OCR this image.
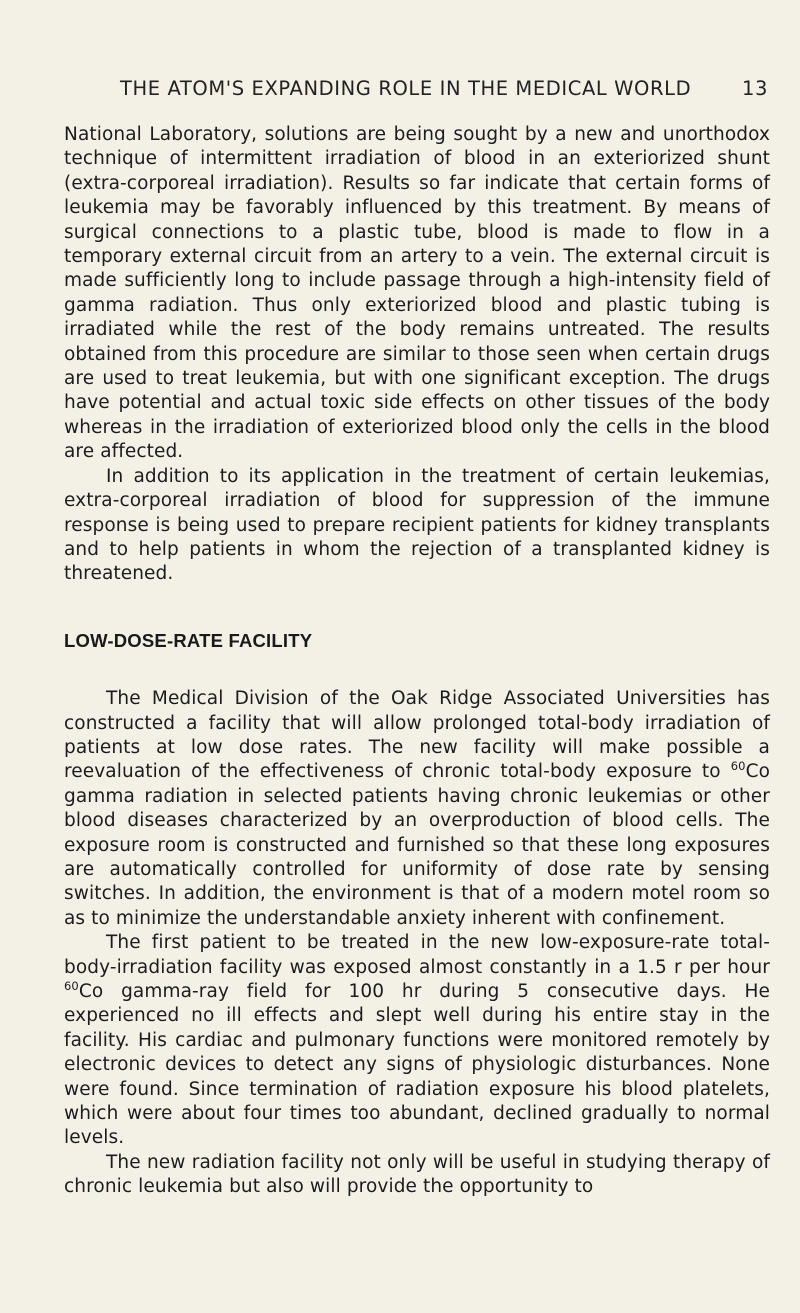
THE ATOM'S EXPANDING ROLE IN THE MEDICAL WORLD	13

National Laboratory, solutions are being sought by a new and unorthodox technique of intermittent irradiation of blood in an exteriorized shunt (extra-corporeal irradiation). Results so far indicate that certain forms of leukemia may be favorably influenced by this treatment. By means of surgical connections to a plastic tube, blood is made to flow in a temporary external circuit from an artery to a vein. The external circuit is made sufficiently long to include passage through a high-intensity field of gamma radiation. Thus only exteriorized blood and plastic tubing is irradiated while the rest of the body remains untreated. The results obtained from this procedure are similar to those seen when certain drugs are used to treat leukemia, but with one significant exception. The drugs have potential and actual toxic side effects on other tissues of the body whereas in the irradiation of exteriorized blood only the cells in the blood are affected.

In addition to its application in the treatment of certain leukemias, extra-corporeal irradiation of blood for suppression of the immune response is being used to prepare recipient patients for kidney transplants and to help patients in whom the rejection of a transplanted kidney is threatened.

LOW-DOSE-RATE FACILITY

The Medical Division of the Oak Ridge Associated Universities has constructed a facility that will allow prolonged total-body irradiation of patients at low dose rates. The new facility will make possible a reevaluation of the effectiveness of chronic total-body exposure to $^{60}$Co gamma radiation in selected patients having chronic leukemias or other blood diseases characterized by an overproduction of blood cells. The exposure room is constructed and furnished so that these long exposures are automatically controlled for uniformity of dose rate by sensing switches. In addition, the environment is that of a modern motel room so as to minimize the understandable anxiety inherent with confinement.

The first patient to be treated in the new low-exposure-rate total-body-irradiation facility was exposed almost constantly in a 1.5 r per hour $^{60}$Co gamma-ray field for 100 hr during 5 consecutive days. He experienced no ill effects and slept well during his entire stay in the facility. His cardiac and pulmonary functions were monitored remotely by electronic devices to detect any signs of physiologic disturbances. None were found. Since termination of radiation exposure his blood platelets, which were about four times too abundant, declined gradually to normal levels.

The new radiation facility not only will be useful in studying therapy of chronic leukemia but also will provide the opportunity to
